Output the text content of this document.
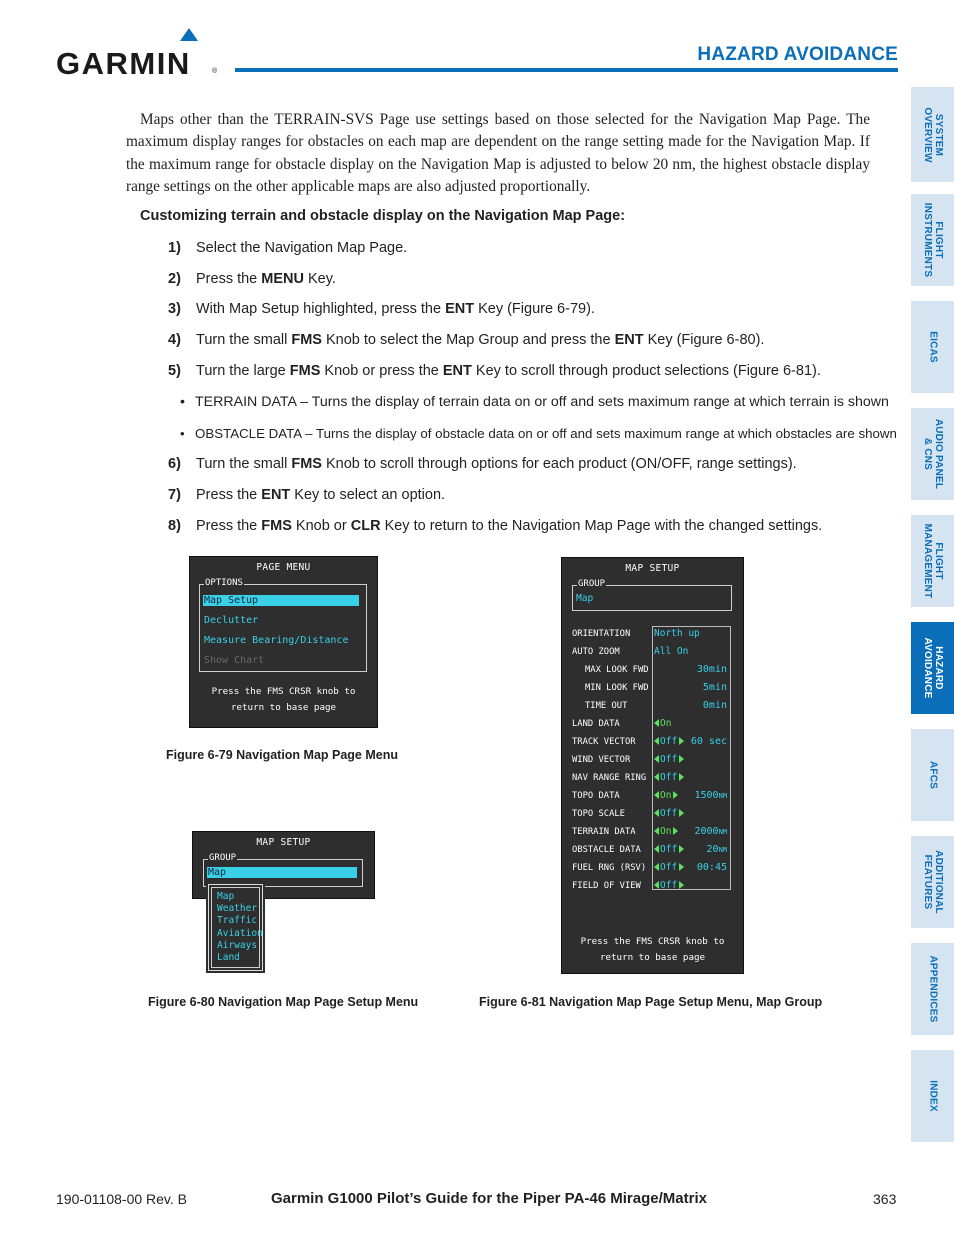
GARMIN	®
HAZARD AVOIDANCE
SYSTEM
OVERVIEW
FLIGHT
INSTRUMENTS
EICAS
AUDIO PANEL
& CNS
FLIGHT
MANAGEMENT
HAZARD
AVOIDANCE
AFCS
ADDITIONAL
FEATURES
APPENDICES
INDEX

Maps other than the TERRAIN-SVS Page use settings based on those selected for the Navigation Map Page. The maximum display ranges for obstacles on each map are dependent on the range setting made for the Navigation Map. If the maximum range for obstacle display on the Navigation Map is adjusted to below 20 nm, the highest obstacle display range settings on the other applicable maps are also adjusted proportionally.

Customizing terrain and obstacle display on the Navigation Map Page:
1) Select the Navigation Map Page.
2) Press the MENU Key.
3) With Map Setup highlighted, press the ENT Key (Figure 6-79).
4) Turn the small FMS Knob to select the Map Group and press the ENT Key (Figure 6-80).
5) Turn the large FMS Knob or press the ENT Key to scroll through product selections (Figure 6-81).
• TERRAIN DATA – Turns the display of terrain data on or off and sets maximum range at which terrain is shown
• OBSTACLE DATA – Turns the display of obstacle data on or off and sets maximum range at which obstacles are shown
6) Turn the small FMS Knob to scroll through options for each product (ON/OFF, range settings).
7) Press the ENT Key to select an option.
8) Press the FMS Knob or CLR Key to return to the Navigation Map Page with the changed settings.
PAGE MENU
OPTIONS
Map Setup
Declutter
Measure Bearing/Distance
Show Chart
Press the FMS CRSR knob to
return to base page
Figure 6-79 Navigation Map Page Menu
MAP SETUP
GROUP
Map
Map
Weather
Traffic
Aviation
Airways
Land
Figure 6-80 Navigation Map Page Setup Menu
MAP SETUP
GROUP
Map
ORIENTATION North up
AUTO ZOOM	All On
MAX LOOK FWD	30min
MIN LOOK FWD	5min
TIME OUT	0min
LAND DATA	On
TRACK VECTOR	Off	60 sec
WIND VECTOR	Off
NAV RANGE RING	Off
TOPO DATA	On	1500NM
TOPO SCALE	Off
TERRAIN DATA	On	2000NM
OBSTACLE DATA	Off	20NM
FUEL RNG (RSV)	Off	00:45
FIELD OF VIEW	Off
Press the FMS CRSR knob to
return to base page
Figure 6-81 Navigation Map Page Setup Menu, Map Group
190-01108-00 Rev. B	Garmin G1000 Pilot’s Guide for the Piper PA-46 Mirage/Matrix	363
